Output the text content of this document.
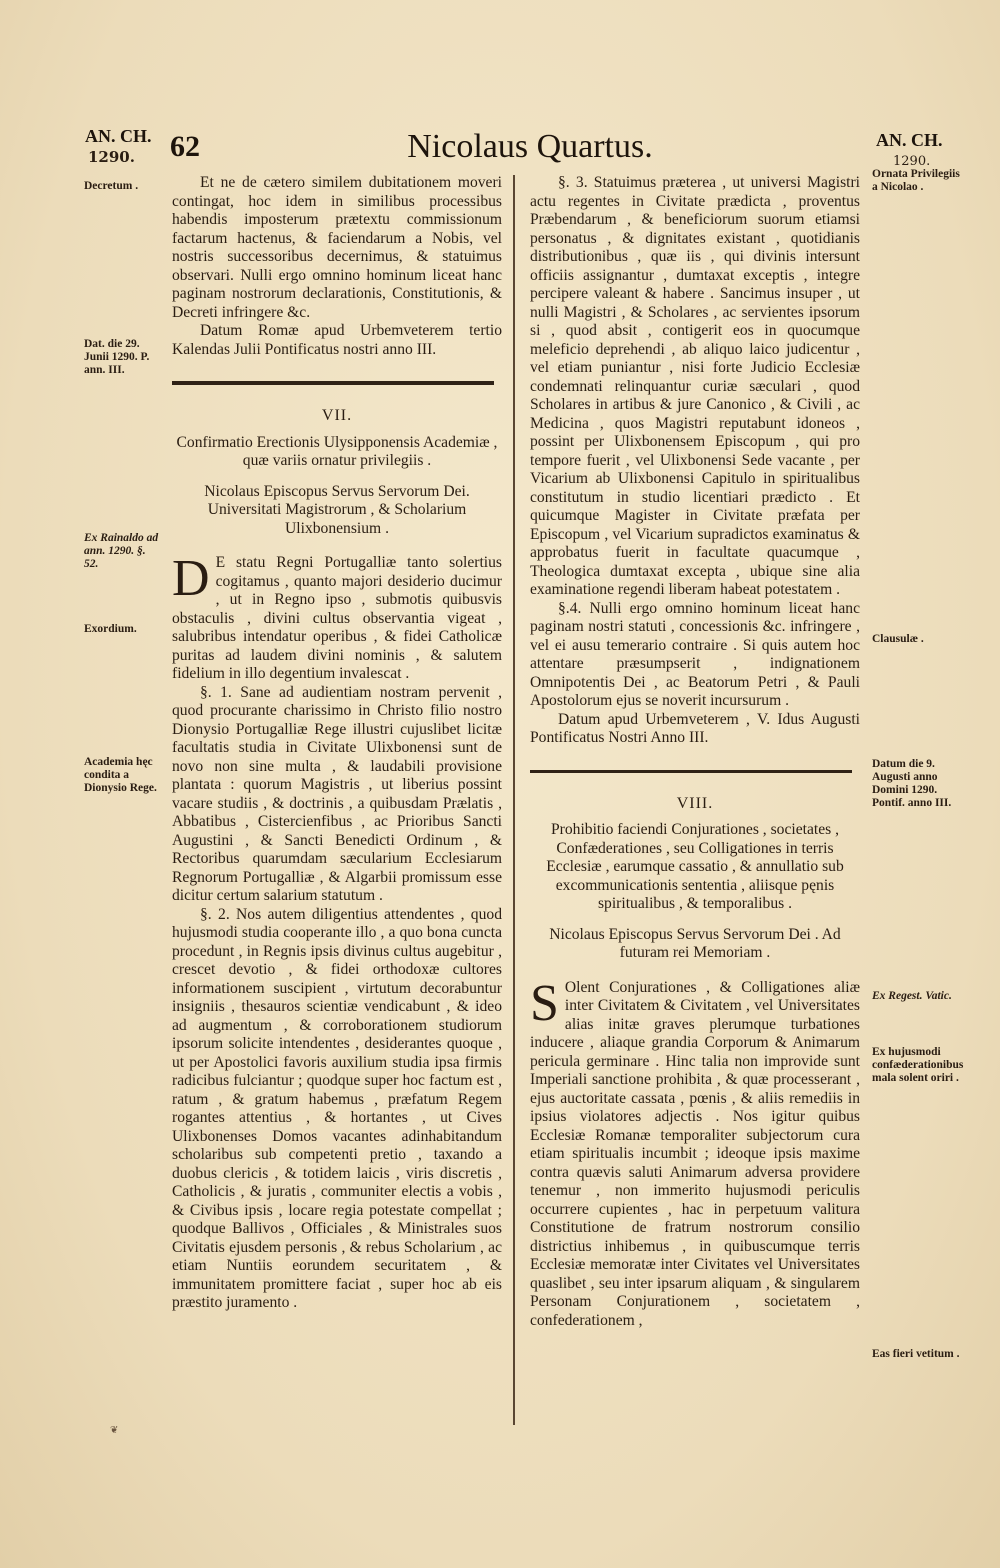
AN. CH.
1290. 62	Nicolaus Quartus.	AN. CH.
1290.
Decretum .
Dat. die 29. Junii 1290. P. ann. III.
Ex Rainaldo ad ann. 1290. §. 52.
Exordium.
Academia hęc condita a Dionysio Rege.
Ornata Privilegiis a Nicolao .
Clausulæ .
Datum die 9. Augusti anno Domini 1290. Pontif. anno III.
Ex Regest. Vatic.
Ex hujusmodi confæderationibus mala solent oriri .
Eas fieri vetitum .

Et ne de cætero similem dubitationem moveri contingat, hoc idem in similibus processibus habendis imposterum prætextu commissionum factarum hactenus, & faciendarum a Nobis, vel nostris successoribus decernimus, & statuimus observari. Nulli ergo omnino hominum liceat hanc paginam nostrorum declarationis, Constitutionis, & Decreti infringere &c.

Datum Romæ apud Urbemveterem tertio Kalendas Julii Pontificatus nostri anno III.

VII.
Confirmatio Erectionis Ulysipponensis Academiæ , quæ variis ornatur privilegiis .
Nicolaus Episcopus Servus Servorum Dei. Universitati Magistrorum , & Scholarium Ulixbonensium .

D E statu Regni Portugalliæ tanto solertius cogitamus , quanto majori desiderio ducimur , ut in Regno ipso , submotis quibusvis obstaculis , divini cultus observantia vigeat , salubribus intendatur operibus , & fidei Catholicæ puritas ad laudem divini nominis , & salutem fidelium in illo degentium invalescat .

§. 1. Sane ad audientiam nostram pervenit , quod procurante charissimo in Christo filio nostro Dionysio Portugalliæ Rege illustri cujuslibet licitæ facultatis studia in Civitate Ulixbonensi sunt de novo non sine multa , & laudabili provisione plantata : quorum Magistris , ut liberius possint vacare studiis , & doctrinis , a quibusdam Prælatis , Abbatibus , Cistercienfibus , ac Prioribus Sancti Augustini , & Sancti Benedicti Ordinum , & Rectoribus quarumdam sæcularium Ecclesiarum Regnorum Portugalliæ , & Algarbii promissum esse dicitur certum salarium statutum .

§. 2. Nos autem diligentius attendentes , quod hujusmodi studia cooperante illo , a quo bona cuncta procedunt , in Regnis ipsis divinus cultus augebitur , crescet devotio , & fidei orthodoxæ cultores informationem suscipient , virtutum decorabuntur insigniis , thesauros scientiæ vendicabunt , & ideo ad augmentum , & corroborationem studiorum ipsorum solicite intendentes , desiderantes quoque , ut per Apostolici favoris auxilium studia ipsa firmis radicibus fulciantur ; quodque super hoc factum est , ratum , & gratum habemus , præfatum Regem rogantes attentius , & hortantes , ut Cives Ulixbonenses Domos vacantes adinhabitandum scholaribus sub competenti pretio , taxando a duobus clericis , & totidem laicis , viris discretis , Catholicis , & juratis , communiter electis a vobis , & Civibus ipsis , locare regia potestate compellat ; quodque Ballivos , Officiales , & Ministrales suos Civitatis ejusdem personis , & rebus Scholarium , ac etiam Nuntiis eorundem securitatem , & immunitatem promittere faciat , super hoc ab eis præstito juramento .

§. 3. Statuimus præterea , ut universi Magistri actu regentes in Civitate prædicta , proventus Præbendarum , & beneficiorum suorum etiamsi personatus , & dignitates existant , quotidianis distributionibus , quæ iis , qui divinis intersunt officiis assignantur , dumtaxat exceptis , integre percipere valeant & habere . Sancimus insuper , ut nulli Magistri , & Scholares , ac servientes ipsorum si , quod absit , contigerit eos in quocumque meleficio deprehendi , ab aliquo laico judicentur , vel etiam puniantur , nisi forte Judicio Ecclesiæ condemnati relinquantur curiæ sæculari , quod Scholares in artibus & jure Canonico , & Civili , ac Medicina , quos Magistri reputabunt idoneos , possint per Ulixbonensem Episcopum , qui pro tempore fuerit , vel Ulixbonensi Sede vacante , per Vicarium ab Ulixbonensi Capitulo in spiritualibus constitutum in studio licentiari prædicto . Et quicumque Magister in Civitate præfata per Episcopum , vel Vicarium supradictos examinatus & approbatus fuerit in facultate quacumque , Theologica dumtaxat excepta , ubique sine alia examinatione regendi liberam habeat potestatem .

§.4. Nulli ergo omnino hominum liceat hanc paginam nostri statuti , concessionis &c. infringere , vel ei ausu temerario contraire . Si quis autem hoc attentare præsumpserit , indignationem Omnipotentis Dei , ac Beatorum Petri , & Pauli Apostolorum ejus se noverit incursurum .

Datum apud Urbemveterem , V. Idus Augusti Pontificatus Nostri Anno III.

VIII.
Prohibitio faciendi Conjurationes , societates , Confæderationes , seu Colligationes in terris Ecclesiæ , earumque cassatio , & annullatio sub excommunicationis sententia , aliisque pęnis spiritualibus , & temporalibus .
Nicolaus Episcopus Servus Servorum Dei . Ad futuram rei Memoriam .

S Olent Conjurationes , & Colligationes aliæ inter Civitatem & Civitatem , vel Universitates alias initæ graves plerumque turbationes inducere , aliaque grandia Corporum & Animarum pericula germinare . Hinc talia non improvide sunt Imperiali sanctione prohibita , & quæ processerant , ejus auctoritate cassata , pœnis , & aliis remediis in ipsius violatores adjectis . Nos igitur quibus Ecclesiæ Romanæ temporaliter subjectorum cura etiam spiritualis incumbit ; ideoque ipsis maxime contra quævis saluti Animarum adversa providere tenemur , non immerito hujusmodi periculis occurrere cupientes , hac in perpetuum valitura Constitutione de fratrum nostrorum consilio districtius inhibemus , in quibuscumque terris Ecclesiæ memoratæ inter Civitates vel Universitates quaslibet , seu inter ipsarum aliquam , & singularem Personam Conjurationem , societatem , confederationem ,

❦
